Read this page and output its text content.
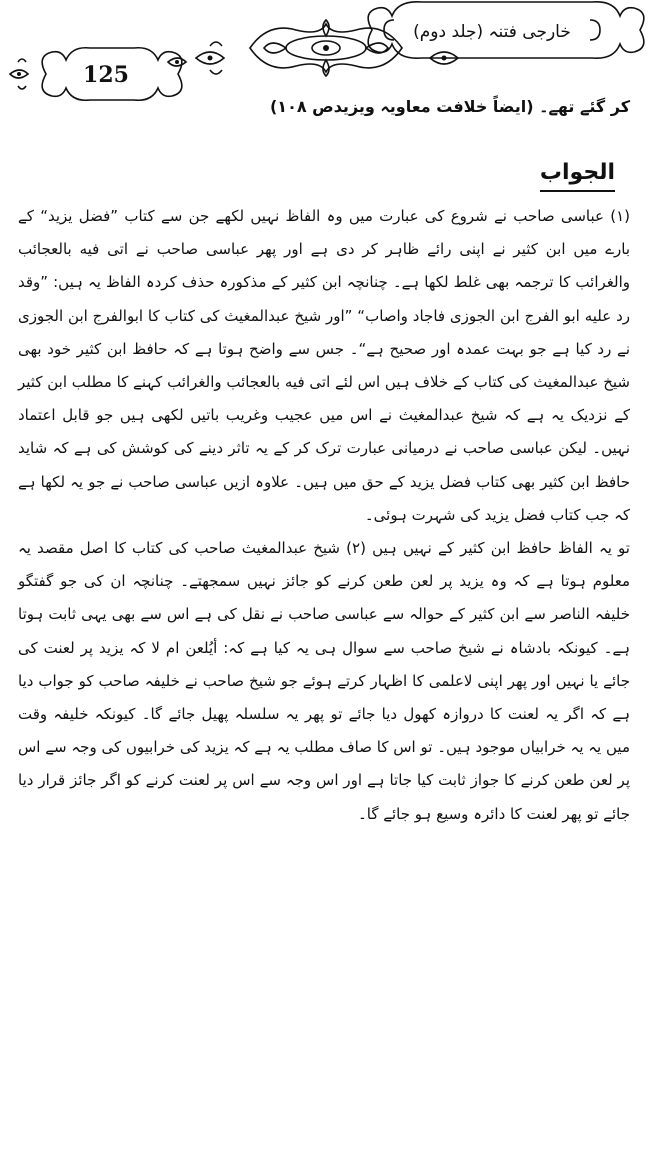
خارجی فتنہ (جلد دوم)
125
کر گئے تھے۔ (ایضاً خلافت معاویہ ویزیدص ۱۰۸)
الجواب

(۱) عباسی صاحب نے شروع کی عبارت میں وہ الفاظ نہیں لکھے جن سے کتاب ”فضل یزید“ کے بارے میں ابن کثیر نے اپنی رائے ظاہر کر دی ہے اور پھر عباسی صاحب نے اتی فیه بالعجائب والغرائب کا ترجمہ بھی غلط لکھا ہے۔ چنانچہ ابن کثیر کے مذکورہ حذف کردہ الفاظ یہ ہیں: ”وقد رد علیه ابو الفرج ابن الجوزی فاجاد واصاب“ ”اور شیخ عبدالمغیث کی کتاب کا ابوالفرج ابن الجوزی نے رد کیا ہے جو بہت عمدہ اور صحیح ہے“۔ جس سے واضح ہوتا ہے کہ حافظ ابن کثیر خود بھی شیخ عبدالمغیث کی کتاب کے خلاف ہیں اس لئے اتی فیه بالعجائب والغرائب کہنے کا مطلب ابن کثیر کے نزدیک یہ ہے کہ شیخ عبدالمغیث نے اس میں عجیب وغریب باتیں لکھی ہیں جو قابل اعتماد نہیں۔ لیکن عباسی صاحب نے درمیانی عبارت ترک کر کے یہ تاثر دینے کی کوشش کی ہے کہ شاید حافظ ابن کثیر بھی کتاب فضل یزید کے حق میں ہیں۔ علاوہ ازیں عباسی صاحب نے جو یہ لکھا ہے کہ جب کتاب فضل یزید کی شہرت ہوئی۔

تو یہ الفاظ حافظ ابن کثیر کے نہیں ہیں (۲) شیخ عبدالمغیث صاحب کی کتاب کا اصل مقصد یہ معلوم ہوتا ہے کہ وہ یزید پر لعن طعن کرنے کو جائز نہیں سمجھتے۔ چنانچہ ان کی جو گفتگو خلیفہ الناصر سے ابن کثیر کے حوالہ سے عباسی صاحب نے نقل کی ہے اس سے بھی یہی ثابت ہوتا ہے۔ کیونکہ بادشاہ نے شیخ صاحب سے سوال ہی یہ کیا ہے کہ: أیُلعن ام لا کہ یزید پر لعنت کی جائے یا نہیں اور پھر اپنی لاعلمی کا اظہار کرتے ہوئے جو شیخ صاحب نے خلیفہ صاحب کو جواب دیا ہے کہ اگر یہ لعنت کا دروازہ کھول دیا جائے تو پھر یہ سلسلہ پھیل جائے گا۔ کیونکہ خلیفہ وقت میں یہ یہ خرابیاں موجود ہیں۔ تو اس کا صاف مطلب یہ ہے کہ یزید کی خرابیوں کی وجہ سے اس پر لعن طعن کرنے کا جواز ثابت کیا جاتا ہے اور اس وجہ سے اس پر لعنت کرنے کو اگر جائز قرار دیا جائے تو پھر لعنت کا دائرہ وسیع ہو جائے گا۔
